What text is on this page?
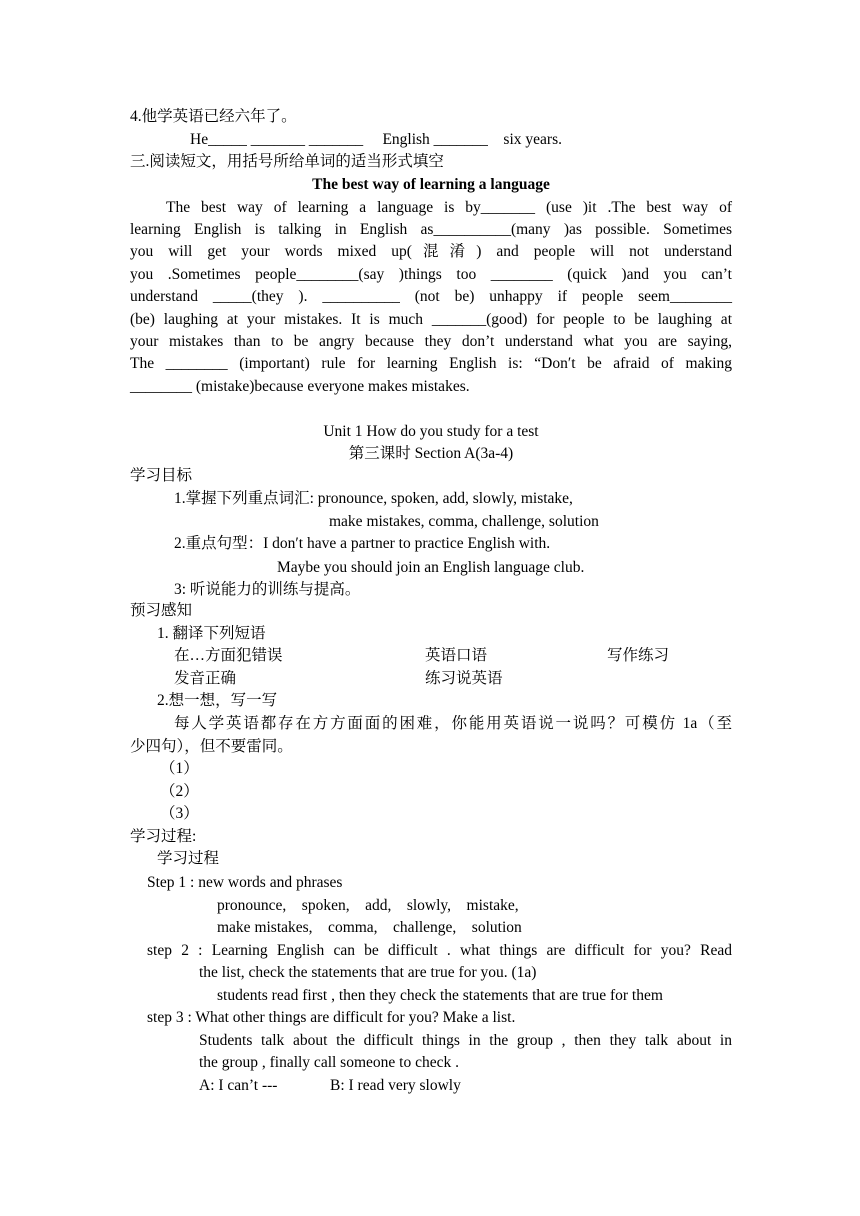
4.他学英语已经六年了。
He_____ _______ _______     English _______    six years.
三.阅读短文，用括号所给单词的适当形式填空
The best way of learning a language
The best way of learning a language is by_______ (use )it .The best way of
learning English is talking in English as__________(many )as possible. Sometimes
you will get your words mixed up(混淆) and people will not understand
you .Sometimes people________(say )things too ________ (quick )and you can’t
understand _____(they ). __________ (not be) unhappy if people seem________
(be) laughing at your mistakes. It is much _______(good) for people to be laughing at
your mistakes than to be angry because they don’t understand what you are saying,
The ________ (important) rule for learning English is: “Don′t be afraid of making
________ (mistake)because everyone makes mistakes.
Unit 1 How do you study for a test
第三课时 Section A(3a-4)
学习目标
1.掌握下列重点词汇: pronounce, spoken, add, slowly, mistake,
make mistakes, comma, challenge, solution
2.重点句型：I don′t have a partner to practice English with.
Maybe you should join an English language club.
3: 听说能力的训练与提高。
预习感知
1. 翻译下列短语
在…方面犯错误	英语口语	写作练习
发音正确	练习说英语
2.想一想，写一写
每人学英语都存在方方面面的困难，你能用英语说一说吗？可模仿 1a（至
少四句），但不要雷同。
（1）
（2）
（3）
学习过程:
学习过程
Step 1 : new words and phrases
pronounce,    spoken,    add,    slowly,    mistake,
make mistakes,    comma,    challenge,    solution
step 2 : Learning English can be difficult . what things are difficult for you? Read
the list, check the statements that are true for you. (1a)
students read first , then they check the statements that are true for them
step 3 : What other things are difficult for you? Make a list.
Students talk about the difficult things in the group , then they talk about in
the group , finally call someone to check .
A: I can’t ---	B: I read very slowly
